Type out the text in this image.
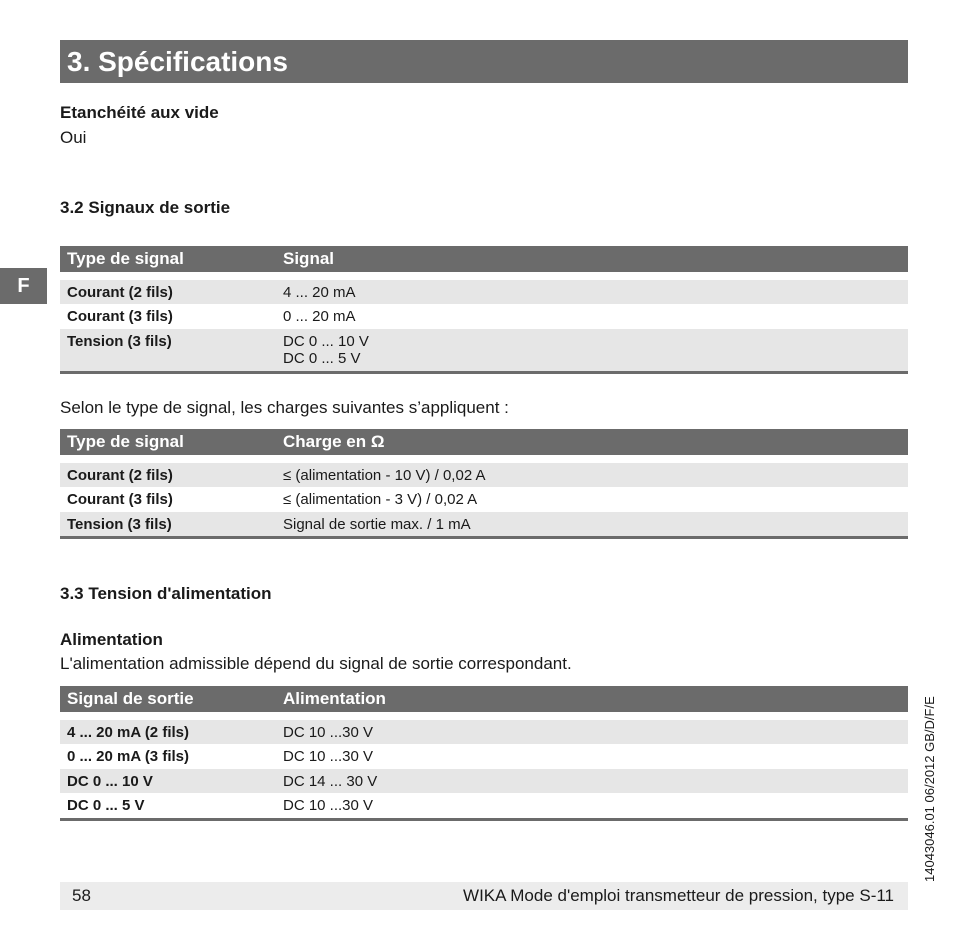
3. Spécifications
F
14043046.01 06/2012 GB/D/F/E
Etanchéité aux vide
Oui
3.2 Signaux de sortie
Type de signal	Signal
Courant (2 fils)	4 ... 20 mA
Courant (3 fils)	0 ... 20 mA
Tension (3 fils)	DC 0 ... 10 V
DC 0 ... 5 V
Selon le type de signal, les charges suivantes s’appliquent :
Type de signal	Charge en Ω
Courant (2 fils)	≤ (alimentation - 10 V) / 0,02 A
Courant (3 fils)	≤ (alimentation - 3 V) / 0,02 A
Tension (3 fils)	Signal de sortie max. / 1 mA
3.3 Tension d'alimentation
Alimentation
L'alimentation admissible dépend du signal de sortie correspondant.
Signal de sortie	Alimentation
4 ... 20 mA (2 fils)	DC 10 ...30 V
0 ... 20 mA (3 fils)	DC 10 ...30 V
DC 0 ... 10 V	DC 14 ... 30 V
DC 0 ... 5 V	DC 10 ...30 V
58	WIKA Mode d'emploi transmetteur de pression, type S-11
